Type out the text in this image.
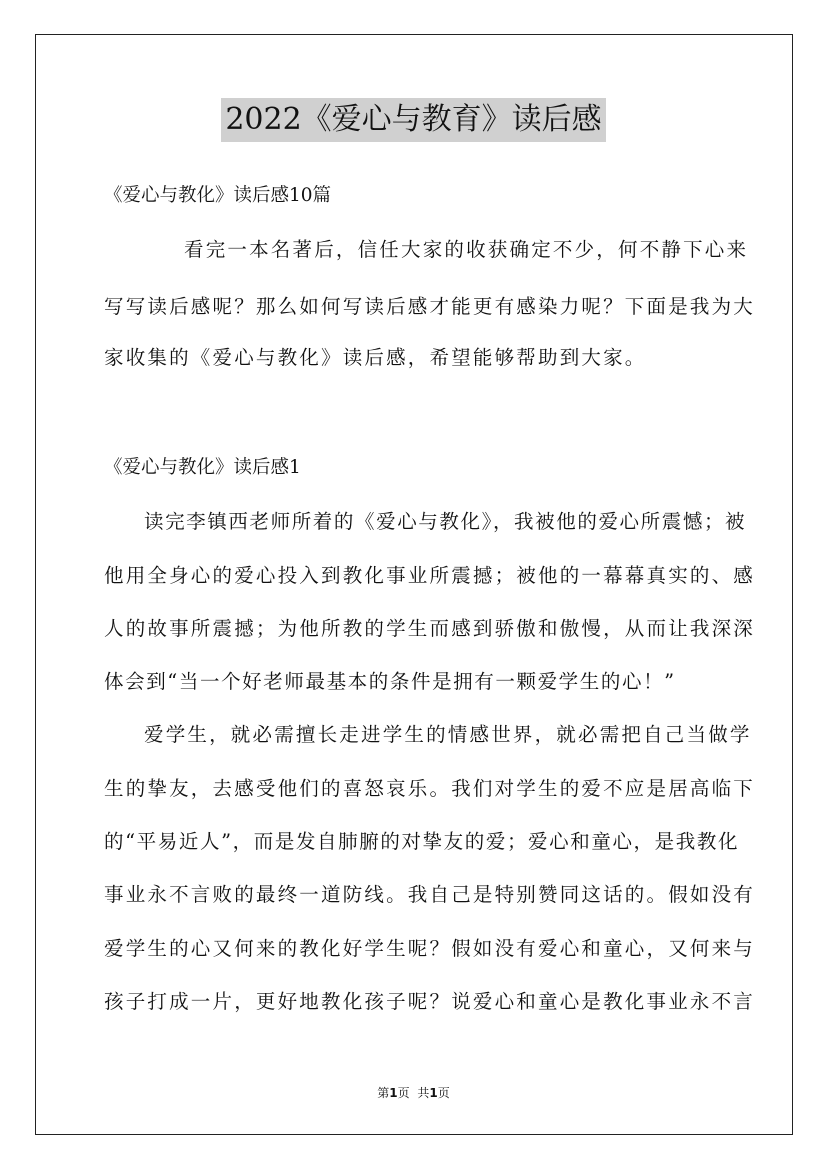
2022《爱心与教育》读后感
《爱心与教化》读后感10篇
看完一本名著后，信任大家的收获确定不少，何不静下心来
写写读后感呢？那么如何写读后感才能更有感染力呢？下面是我为大
家收集的《爱心与教化》读后感，希望能够帮助到大家。
《爱心与教化》读后感1
读完李镇西老师所着的《爱心与教化》，我被他的爱心所震憾；被
他用全身心的爱心投入到教化事业所震撼；被他的一幕幕真实的、感
人的故事所震撼；为他所教的学生而感到骄傲和傲慢，从而让我深深
体会到“当一个好老师最基本的条件是拥有一颗爱学生的心！”
爱学生，就必需擅长走进学生的情感世界，就必需把自己当做学
生的挚友，去感受他们的喜怒哀乐。我们对学生的爱不应是居高临下
的“平易近人”，而是发自肺腑的对挚友的爱；爱心和童心，是我教化
事业永不言败的最终一道防线。我自己是特别赞同这话的。假如没有
爱学生的心又何来的教化好学生呢？假如没有爱心和童心，又何来与
孩子打成一片，更好地教化孩子呢？说爱心和童心是教化事业永不言
第1页 共1页
